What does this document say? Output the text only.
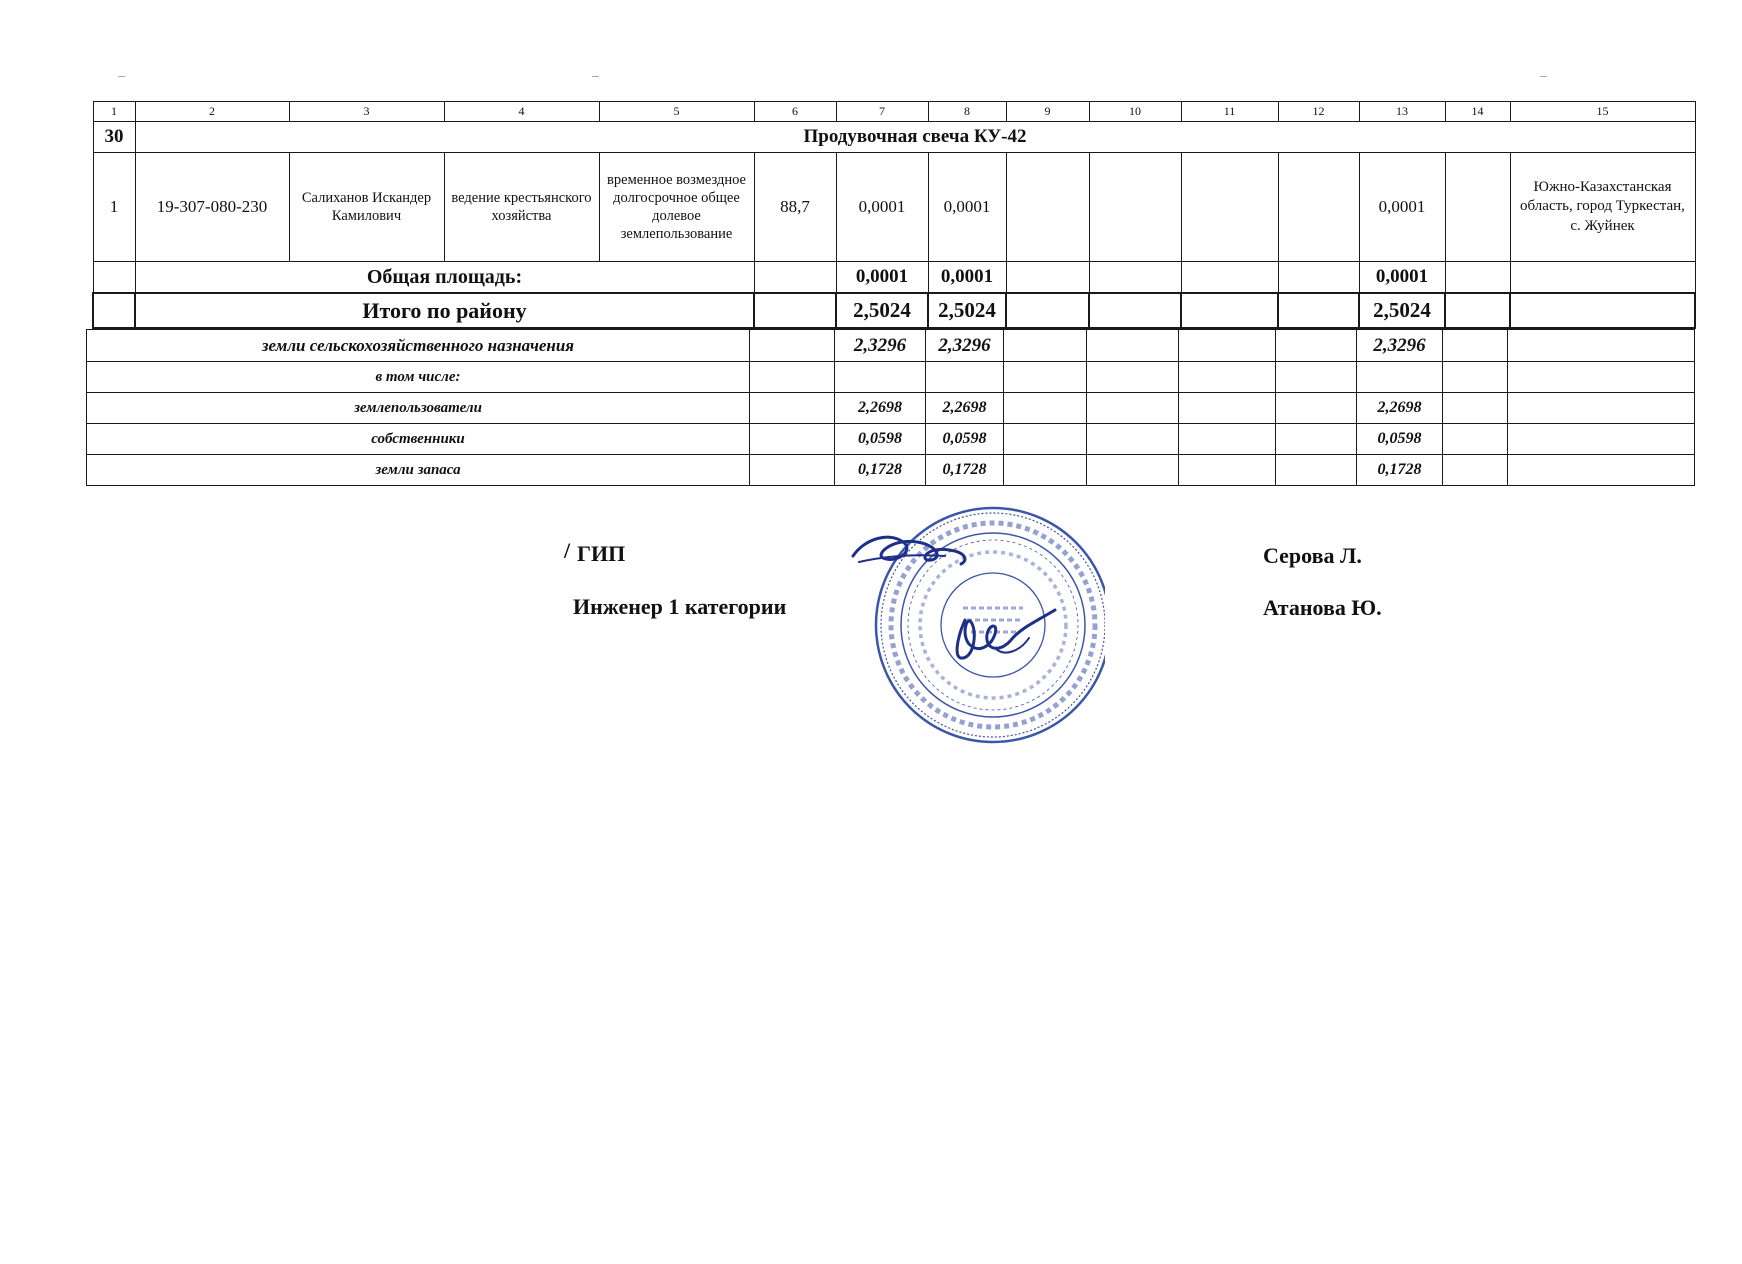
1	2	3	4	5	6	7	8	9	10	11	12	13	14	15
30	Продувочная свеча КУ-42													
1	19-307-080-230	Салиханов Искандер Камилович	ведение крестьянского хозяйства	временное возмездное долгосрочное общее долевое землепользование	88,7	0,0001	0,0001					0,0001		Южно-Казахстанская область, город Туркестан, с. Жуйнек
	Общая площадь:					0,0001	0,0001					0,0001		
	Итого по району					2,5024	2,5024					2,5024		
земли сельскохозяйственного назначения		2,3296	2,3296					2,3296		
в том числе:										
землепользователи		2,2698	2,2698					2,2698		
собственники		0,0598	0,0598					0,0598		
земли запаса		0,1728	0,1728					0,1728		
/ ГИП
Инженер 1 категории
Серова Л.
Атанова Ю.
